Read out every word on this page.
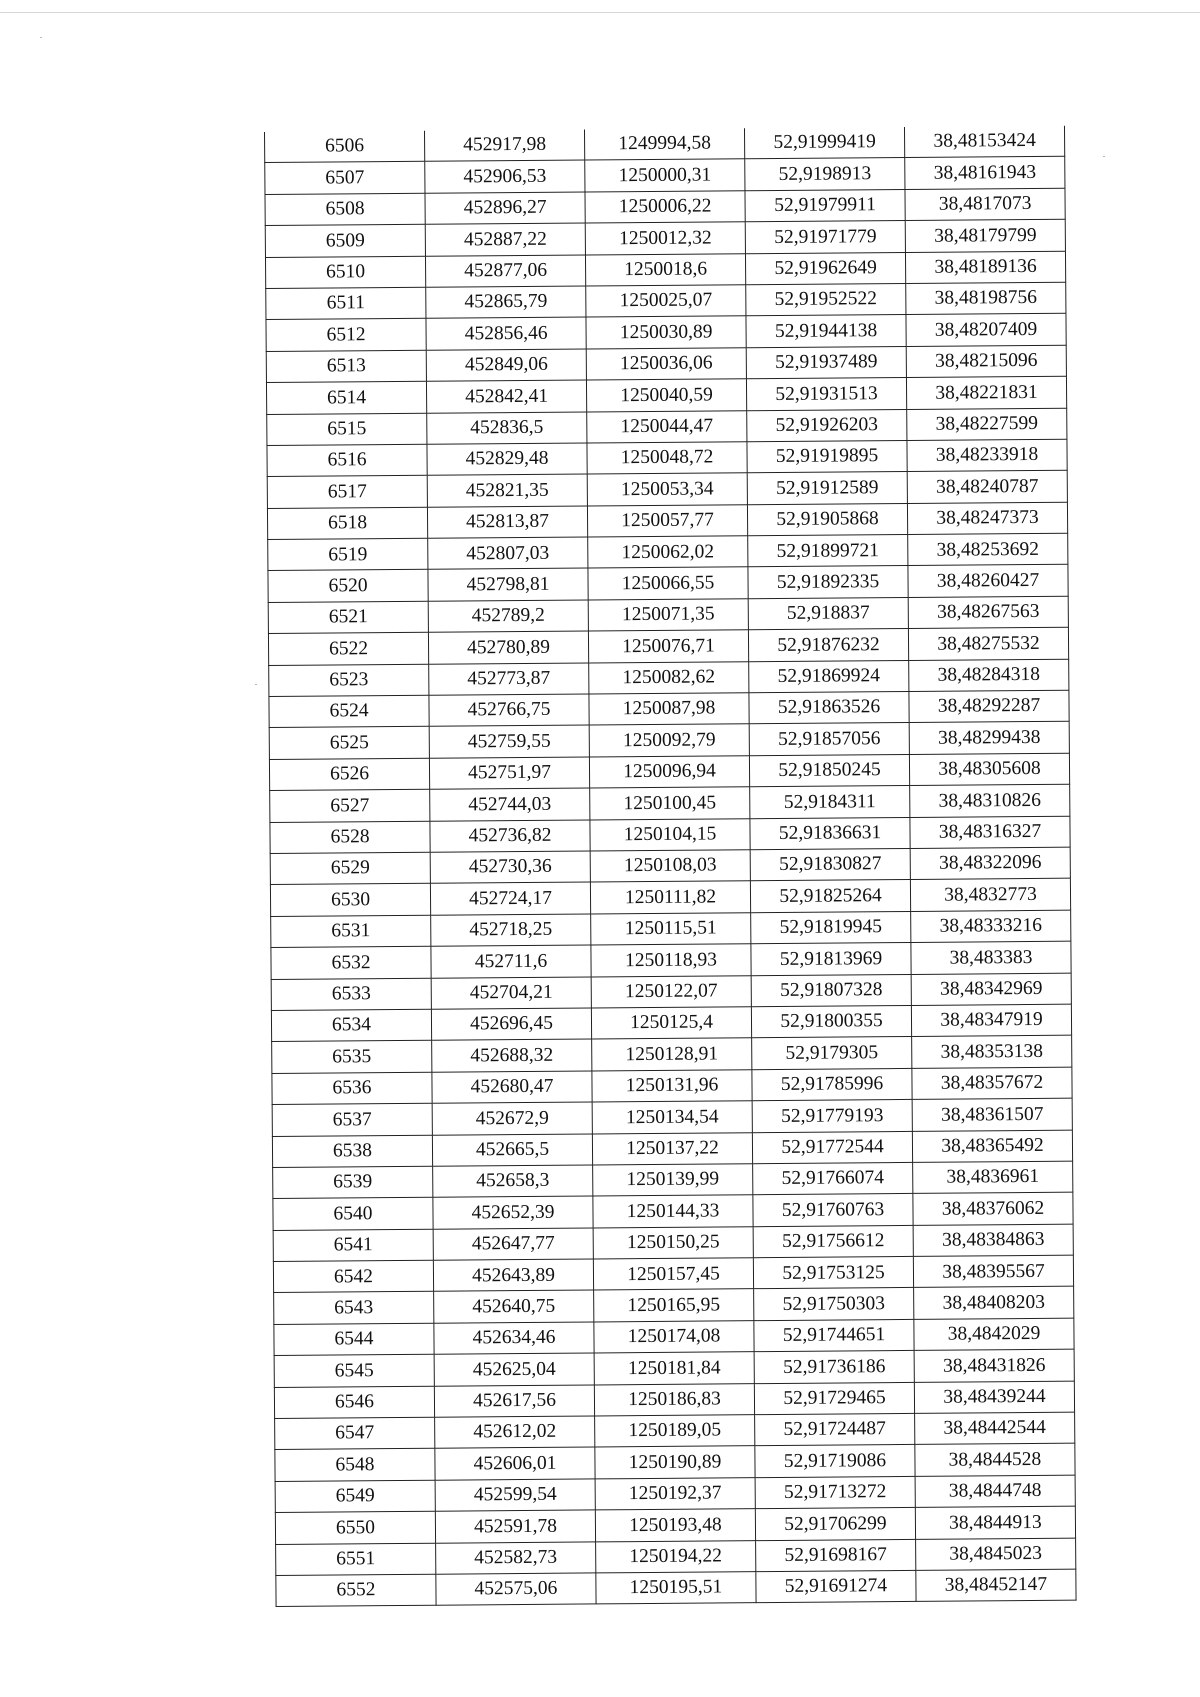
6506	452917,98	1249994,58	52,91999419	38,48153424
6507	452906,53	1250000,31	52,9198913	38,48161943
6508	452896,27	1250006,22	52,91979911	38,4817073
6509	452887,22	1250012,32	52,91971779	38,48179799
6510	452877,06	1250018,6	52,91962649	38,48189136
6511	452865,79	1250025,07	52,91952522	38,48198756
6512	452856,46	1250030,89	52,91944138	38,48207409
6513	452849,06	1250036,06	52,91937489	38,48215096
6514	452842,41	1250040,59	52,91931513	38,48221831
6515	452836,5	1250044,47	52,91926203	38,48227599
6516	452829,48	1250048,72	52,91919895	38,48233918
6517	452821,35	1250053,34	52,91912589	38,48240787
6518	452813,87	1250057,77	52,91905868	38,48247373
6519	452807,03	1250062,02	52,91899721	38,48253692
6520	452798,81	1250066,55	52,91892335	38,48260427
6521	452789,2	1250071,35	52,918837	38,48267563
6522	452780,89	1250076,71	52,91876232	38,48275532
6523	452773,87	1250082,62	52,91869924	38,48284318
6524	452766,75	1250087,98	52,91863526	38,48292287
6525	452759,55	1250092,79	52,91857056	38,48299438
6526	452751,97	1250096,94	52,91850245	38,48305608
6527	452744,03	1250100,45	52,9184311	38,48310826
6528	452736,82	1250104,15	52,91836631	38,48316327
6529	452730,36	1250108,03	52,91830827	38,48322096
6530	452724,17	1250111,82	52,91825264	38,4832773
6531	452718,25	1250115,51	52,91819945	38,48333216
6532	452711,6	1250118,93	52,91813969	38,483383
6533	452704,21	1250122,07	52,91807328	38,48342969
6534	452696,45	1250125,4	52,91800355	38,48347919
6535	452688,32	1250128,91	52,9179305	38,48353138
6536	452680,47	1250131,96	52,91785996	38,48357672
6537	452672,9	1250134,54	52,91779193	38,48361507
6538	452665,5	1250137,22	52,91772544	38,48365492
6539	452658,3	1250139,99	52,91766074	38,4836961
6540	452652,39	1250144,33	52,91760763	38,48376062
6541	452647,77	1250150,25	52,91756612	38,48384863
6542	452643,89	1250157,45	52,91753125	38,48395567
6543	452640,75	1250165,95	52,91750303	38,48408203
6544	452634,46	1250174,08	52,91744651	38,4842029
6545	452625,04	1250181,84	52,91736186	38,48431826
6546	452617,56	1250186,83	52,91729465	38,48439244
6547	452612,02	1250189,05	52,91724487	38,48442544
6548	452606,01	1250190,89	52,91719086	38,4844528
6549	452599,54	1250192,37	52,91713272	38,4844748
6550	452591,78	1250193,48	52,91706299	38,4844913
6551	452582,73	1250194,22	52,91698167	38,4845023
6552	452575,06	1250195,51	52,91691274	38,48452147
